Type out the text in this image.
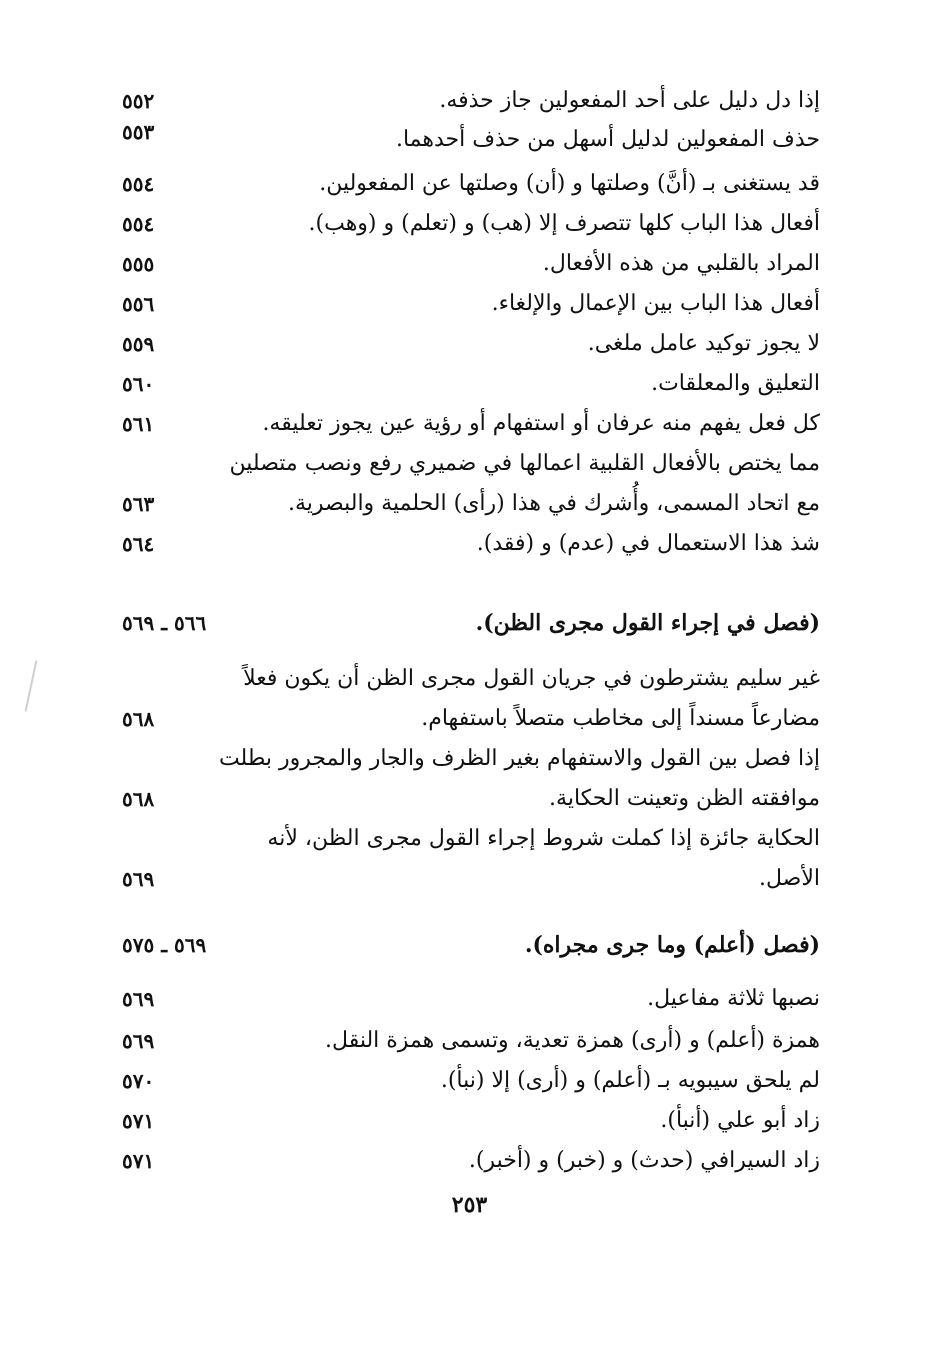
إذا دل دليل على أحد المفعولين جاز حذفه.
٥٥٢
حذف المفعولين لدليل أسهل من حذف أحدهما.
٥٥٣
قد يستغنى بـ (أنَّ) وصلتها و (أن) وصلتها عن المفعولين.
٥٥٤
أفعال هذا الباب كلها تتصرف إلا (هب) و (تعلم) و (وهب).
٥٥٤
المراد بالقلبي من هذه الأفعال.
٥٥٥
أفعال هذا الباب بين الإعمال والإلغاء.
٥٥٦
لا يجوز توكيد عامل ملغى.
٥٥٩
التعليق والمعلقات.
٥٦٠
كل فعل يفهم منه عرفان أو استفهام أو رؤية عين يجوز تعليقه.
٥٦١
مما يختص بالأفعال القلبية اعمالها في ضميري رفع ونصب متصلين
مع اتحاد المسمى، وأُشرك في هذا (رأى) الحلمية والبصرية.
٥٦٣
شذ هذا الاستعمال في (عدم) و (فقد).
٥٦٤
(فصل في إجراء القول مجرى الظن).
٥٦٦ ـ ٥٦٩
غير سليم يشترطون في جريان القول مجرى الظن أن يكون فعلاً
مضارعاً مسنداً إلى مخاطب متصلاً باستفهام.
٥٦٨
إذا فصل بين القول والاستفهام بغير الظرف والجار والمجرور بطلت
موافقته الظن وتعينت الحكاية.
٥٦٨
الحكاية جائزة إذا كملت شروط إجراء القول مجرى الظن، لأنه
الأصل.
٥٦٩
(فصل (أعلم) وما جرى مجراه).
٥٦٩ ـ ٥٧٥
نصبها ثلاثة مفاعيل.
٥٦٩
همزة (أعلم) و (أرى) همزة تعدية، وتسمى همزة النقل.
٥٦٩
لم يلحق سيبويه بـ (أعلم) و (أرى) إلا (نبأ).
٥٧٠
زاد أبو علي (أنبأ).
٥٧١
زاد السيرافي (حدث) و (خبر) و (أخبر).
٥٧١
٢٥٣
